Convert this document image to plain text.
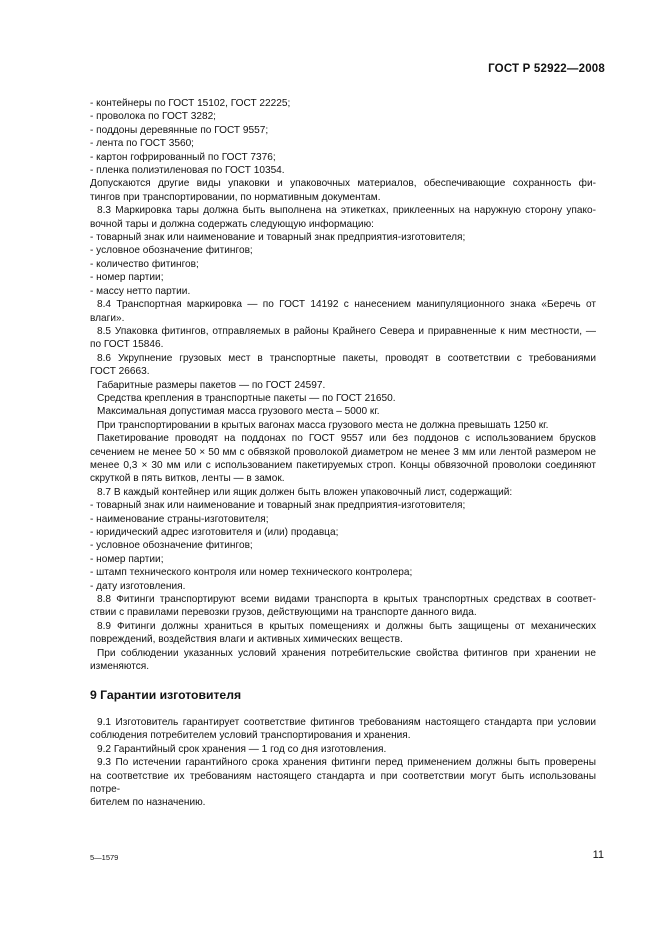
ГОСТ Р 52922—2008
- контейнеры по ГОСТ 15102, ГОСТ 22225;
- проволока по ГОСТ 3282;
- поддоны деревянные по ГОСТ 9557;
- лента по ГОСТ 3560;
- картон гофрированный по ГОСТ 7376;
- пленка полиэтиленовая по ГОСТ 10354.
Допускаются другие виды упаковки и упаковочных материалов, обеспечивающие сохранность фи-
тингов при транспортировании, по нормативным документам.
8.3 Маркировка тары должна быть выполнена на этикетках, приклеенных на наружную сторону упако-
вочной тары и должна содержать следующую информацию:
- товарный знак или наименование и товарный знак предприятия-изготовителя;
- условное обозначение фитингов;
- количество фитингов;
- номер партии;
- массу нетто партии.
8.4 Транспортная маркировка — по ГОСТ 14192 с нанесением манипуляционного знака «Беречь от
влаги».
8.5 Упаковка фитингов, отправляемых в районы Крайнего Севера и приравненные к ним местности, —
по ГОСТ 15846.
8.6 Укрупнение грузовых мест в транспортные пакеты, проводят в соответствии с требованиями
ГОСТ 26663.
Габаритные размеры пакетов — по ГОСТ 24597.
Средства крепления в транспортные пакеты — по ГОСТ 21650.
Максимальная допустимая масса грузового места – 5000 кг.
При транспортировании в крытых вагонах масса грузового места не должна превышать 1250 кг.
Пакетирование проводят на поддонах по ГОСТ 9557 или без поддонов с использованием брусков
сечением не менее 50 × 50 мм с обвязкой проволокой диаметром не менее 3 мм или лентой размером не
менее 0,3 × 30 мм или с использованием пакетируемых строп. Концы обвязочной проволоки соединяют
скруткой в пять витков, ленты — в замок.
8.7 В каждый контейнер или ящик должен быть вложен упаковочный лист, содержащий:
- товарный знак или наименование и товарный знак предприятия-изготовителя;
- наименование страны-изготовителя;
- юридический адрес изготовителя и (или) продавца;
- условное обозначение фитингов;
- номер партии;
- штамп технического контроля или номер технического контролера;
- дату изготовления.
8.8 Фитинги транспортируют всеми видами транспорта в крытых транспортных средствах в соответ-
ствии с правилами перевозки грузов, действующими на транспорте данного вида.
8.9 Фитинги должны храниться в крытых помещениях и должны быть защищены от механических
повреждений, воздействия влаги и активных химических веществ.
При соблюдении указанных условий хранения потребительские свойства фитингов при хранении не
изменяются.
9 Гарантии изготовителя
9.1 Изготовитель гарантирует соответствие фитингов требованиям настоящего стандарта при условии
соблюдения потребителем условий транспортирования и хранения.
9.2 Гарантийный срок хранения — 1 год со дня изготовления.
9.3 По истечении гарантийного срока хранения фитинги перед применением должны быть проверены
на соответствие их требованиям настоящего стандарта и при соответствии могут быть использованы потре-
бителем по назначению.
5—1579	11
